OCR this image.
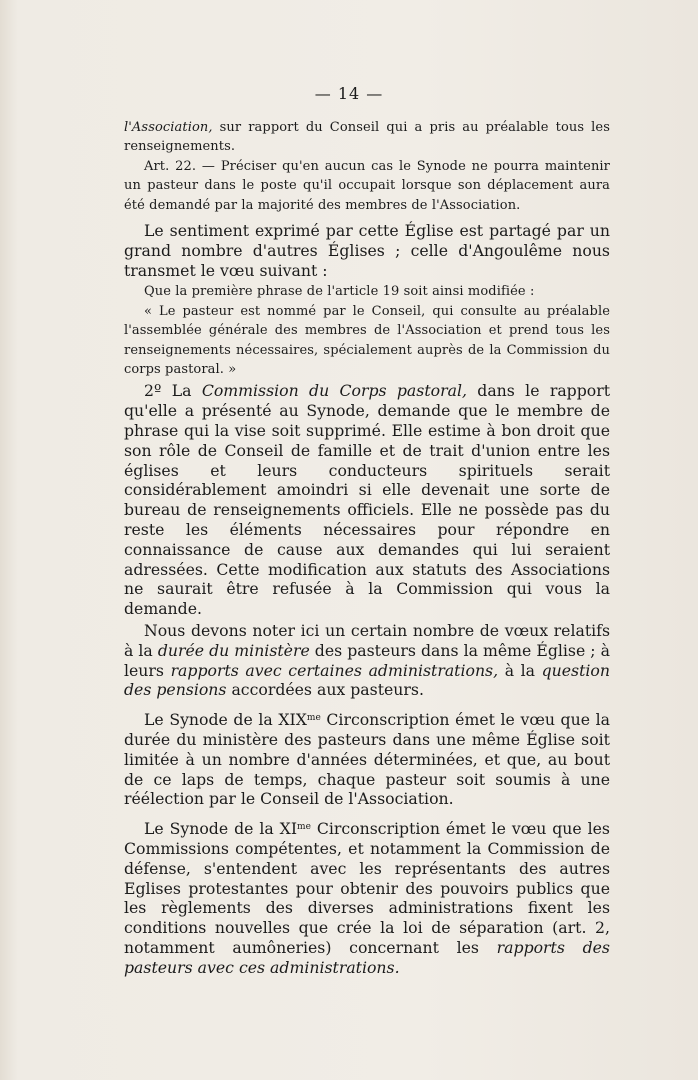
— 14 —

l'Association, sur rapport du Conseil qui a pris au préalable tous les renseignements.

Art. 22. — Préciser qu'en aucun cas le Synode ne pourra maintenir un pasteur dans le poste qu'il occupait lorsque son déplacement aura été demandé par la majorité des membres de l'Association.

Le sentiment exprimé par cette Église est partagé par un grand nombre d'autres Églises ; celle d'Angoulême nous transmet le vœu suivant :

Que la première phrase de l'article 19 soit ainsi modifiée :

« Le pasteur est nommé par le Conseil, qui consulte au préalable l'assemblée générale des membres de l'Association et prend tous les renseignements nécessaires, spécialement auprès de la Commission du corps pastoral. »

2º La Commission du Corps pastoral, dans le rapport qu'elle a présenté au Synode, demande que le membre de phrase qui la vise soit supprimé. Elle estime à bon droit que son rôle de Conseil de famille et de trait d'union entre les églises et leurs conducteurs spirituels serait considérablement amoindri si elle devenait une sorte de bureau de renseignements officiels. Elle ne possède pas du reste les éléments nécessaires pour répondre en connaissance de cause aux demandes qui lui seraient adressées. Cette modification aux statuts des Associations ne saurait être refusée à la Commission qui vous la demande.

Nous devons noter ici un certain nombre de vœux relatifs à la durée du ministère des pasteurs dans la même Église ; à leurs rapports avec certaines administrations, à la question des pensions accordées aux pasteurs.

Le Synode de la $XIX^{me}$ Circonscription émet le vœu que la durée du ministère des pasteurs dans une même Église soit limitée à un nombre d'années déterminées, et que, au bout de ce laps de temps, chaque pasteur soit soumis à une réélection par le Conseil de l'Association.

Le Synode de la $XI^{me}$ Circonscription émet le vœu que les Commissions compétentes, et notamment la Commission de défense, s'entendent avec les représentants des autres Eglises protestantes pour obtenir des pouvoirs publics que les règlements des diverses administrations fixent les conditions nouvelles que crée la loi de séparation (art. 2, notamment aumôneries) concernant les rapports des pasteurs avec ces administrations.
